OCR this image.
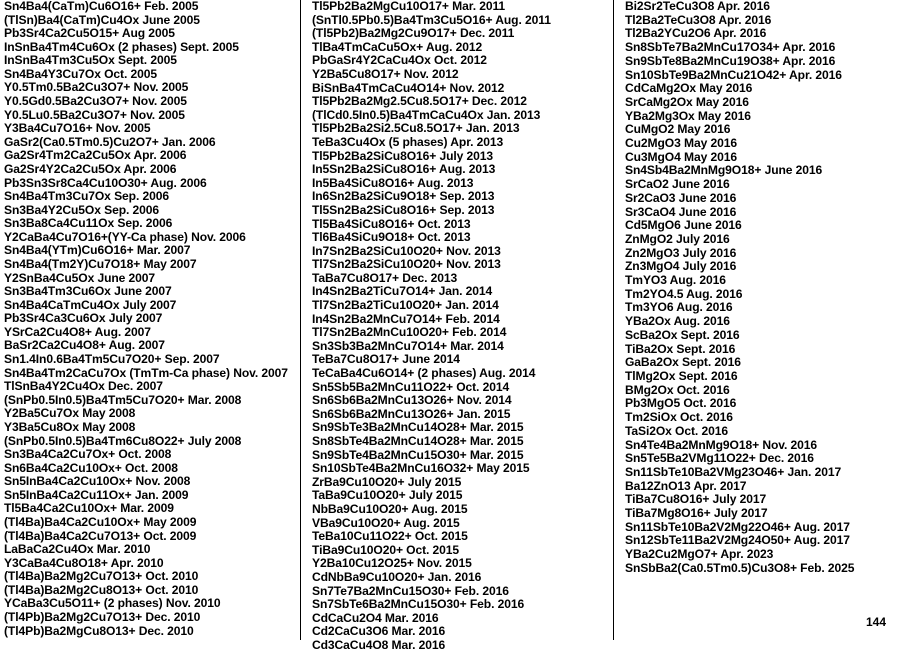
Sn4Ba4(CaTm)Cu6O16+ Feb. 2005
(TlSn)Ba4(CaTm)Cu4Ox June 2005
Pb3Sr4Ca2Cu5O15+ Aug 2005
InSnBa4Tm4Cu6Ox (2 phases) Sept. 2005
InSnBa4Tm3Cu5Ox Sept. 2005
Sn4Ba4Y3Cu7Ox Oct. 2005
Y0.5Tm0.5Ba2Cu3O7+ Nov. 2005
Y0.5Gd0.5Ba2Cu3O7+ Nov. 2005
Y0.5Lu0.5Ba2Cu3O7+ Nov. 2005
Y3Ba4Cu7O16+ Nov. 2005
GaSr2(Ca0.5Tm0.5)Cu2O7+ Jan. 2006
Ga2Sr4Tm2Ca2Cu5Ox Apr. 2006
Ga2Sr4Y2Ca2Cu5Ox Apr. 2006
Pb3Sn3Sr8Ca4Cu10O30+ Aug. 2006
Sn4Ba4Tm3Cu7Ox Sep. 2006
Sn3Ba4Y2Cu5Ox Sep. 2006
Sn3Ba8Ca4Cu11Ox Sep. 2006
Y2CaBa4Cu7O16+(YY-Ca phase) Nov. 2006
Sn4Ba4(YTm)Cu6O16+ Mar. 2007
Sn4Ba4(Tm2Y)Cu7O18+ May 2007
Y2SnBa4Cu5Ox June 2007
Sn3Ba4Tm3Cu6Ox June 2007
Sn4Ba4CaTmCu4Ox July 2007
Pb3Sr4Ca3Cu6Ox July 2007
YSrCa2Cu4O8+ Aug. 2007
BaSr2Ca2Cu4O8+ Aug. 2007
Sn1.4In0.6Ba4Tm5Cu7O20+ Sep. 2007
Sn4Ba4Tm2CaCu7Ox (TmTm-Ca phase) Nov. 2007
TlSnBa4Y2Cu4Ox Dec. 2007
(SnPb0.5In0.5)Ba4Tm5Cu7O20+ Mar. 2008
Y2Ba5Cu7Ox May 2008
Y3Ba5Cu8Ox May 2008
(SnPb0.5In0.5)Ba4Tm6Cu8O22+ July 2008
Sn3Ba4Ca2Cu7Ox+ Oct. 2008
Sn6Ba4Ca2Cu10Ox+ Oct. 2008
Sn5InBa4Ca2Cu10Ox+ Nov. 2008
Sn5InBa4Ca2Cu11Ox+ Jan. 2009
Tl5Ba4Ca2Cu10Ox+ Mar. 2009
(Tl4Ba)Ba4Ca2Cu10Ox+ May 2009
(Tl4Ba)Ba4Ca2Cu7O13+ Oct. 2009
LaBaCa2Cu4Ox Mar. 2010
Y3CaBa4Cu8O18+ Apr. 2010
(Tl4Ba)Ba2Mg2Cu7O13+ Oct. 2010
(Tl4Ba)Ba2Mg2Cu8O13+ Oct. 2010
YCaBa3Cu5O11+ (2 phases) Nov. 2010
(Tl4Pb)Ba2Mg2Cu7O13+ Dec. 2010
(Tl4Pb)Ba2MgCu8O13+ Dec. 2010
Tl5Pb2Ba2MgCu10O17+ Mar. 2011
(SnTl0.5Pb0.5)Ba4Tm3Cu5O16+ Aug. 2011
(Tl5Pb2)Ba2Mg2Cu9O17+ Dec. 2011
TlBa4TmCaCu5Ox+ Aug. 2012
PbGaSr4Y2CaCu4Ox Oct. 2012
Y2Ba5Cu8O17+ Nov. 2012
BiSnBa4TmCaCu4O14+ Nov. 2012
Tl5Pb2Ba2Mg2.5Cu8.5O17+ Dec. 2012
(TlCd0.5In0.5)Ba4TmCaCu4Ox Jan. 2013
Tl5Pb2Ba2Si2.5Cu8.5O17+ Jan. 2013
TeBa3Cu4Ox (5 phases) Apr. 2013
Tl5Pb2Ba2SiCu8O16+ July 2013
In5Sn2Ba2SiCu8O16+ Aug. 2013
In5Ba4SiCu8O16+ Aug. 2013
In6Sn2Ba2SiCu9O18+ Sep. 2013
Tl5Sn2Ba2SiCu8O16+ Sep. 2013
Tl5Ba4SiCu8O16+ Oct. 2013
Tl6Ba4SiCu9O18+ Oct. 2013
In7Sn2Ba2SiCu10O20+ Nov. 2013
Tl7Sn2Ba2SiCu10O20+ Nov. 2013
TaBa7Cu8O17+ Dec. 2013
In4Sn2Ba2TiCu7O14+ Jan. 2014
Tl7Sn2Ba2TiCu10O20+ Jan. 2014
In4Sn2Ba2MnCu7O14+ Feb. 2014
Tl7Sn2Ba2MnCu10O20+ Feb. 2014
Sn3Sb3Ba2MnCu7O14+ Mar. 2014
TeBa7Cu8O17+ June 2014
TeCaBa4Cu6O14+ (2 phases) Aug. 2014
Sn5Sb5Ba2MnCu11O22+ Oct. 2014
Sn6Sb6Ba2MnCu13O26+ Nov. 2014
Sn6Sb6Ba2MnCu13O26+ Jan. 2015
Sn9SbTe3Ba2MnCu14O28+ Mar. 2015
Sn8SbTe4Ba2MnCu14O28+ Mar. 2015
Sn9SbTe4Ba2MnCu15O30+ Mar. 2015
Sn10SbTe4Ba2MnCu16O32+ May 2015
ZrBa9Cu10O20+ July 2015
TaBa9Cu10O20+ July 2015
NbBa9Cu10O20+ Aug. 2015
VBa9Cu10O20+ Aug. 2015
TeBa10Cu11O22+ Oct. 2015
TiBa9Cu10O20+ Oct. 2015
Y2Ba10Cu12O25+ Nov. 2015
CdNbBa9Cu10O20+ Jan. 2016
Sn7Te7Ba2MnCu15O30+ Feb. 2016
Sn7SbTe6Ba2MnCu15O30+ Feb. 2016
CdCaCu2O4 Mar. 2016
Cd2CaCu3O6 Mar. 2016
Cd3CaCu4O8 Mar. 2016
Bi2Sr2TeCu3O8 Apr. 2016
Tl2Ba2TeCu3O8 Apr. 2016
Tl2Ba2YCu2O6 Apr. 2016
Sn8SbTe7Ba2MnCu17O34+ Apr. 2016
Sn9SbTe8Ba2MnCu19O38+ Apr. 2016
Sn10SbTe9Ba2MnCu21O42+ Apr. 2016
CdCaMg2Ox May 2016
SrCaMg2Ox May 2016
YBa2Mg3Ox May 2016
CuMgO2 May 2016
Cu2MgO3 May 2016
Cu3MgO4 May 2016
Sn4Sb4Ba2MnMg9O18+ June 2016
SrCaO2 June 2016
Sr2CaO3 June 2016
Sr3CaO4 June 2016
Cd5MgO6 June 2016
ZnMgO2 July 2016
Zn2MgO3 July 2016
Zn3MgO4 July 2016
TmYO3 Aug. 2016
Tm2YO4.5 Aug. 2016
Tm3YO6 Aug. 2016
YBa2Ox Aug. 2016
ScBa2Ox Sept. 2016
TiBa2Ox Sept. 2016
GaBa2Ox Sept. 2016
TlMg2Ox Sept. 2016
BMg2Ox Oct. 2016
Pb3MgO5 Oct. 2016
Tm2SiOx Oct. 2016
TaSi2Ox Oct. 2016
Sn4Te4Ba2MnMg9O18+ Nov. 2016
Sn5Te5Ba2VMg11O22+ Dec. 2016
Sn11SbTe10Ba2VMg23O46+ Jan. 2017
Ba12ZnO13 Apr. 2017
TiBa7Cu8O16+ July 2017
TiBa7Mg8O16+ July 2017
Sn11SbTe10Ba2V2Mg22O46+ Aug. 2017
Sn12SbTe11Ba2V2Mg24O50+ Aug. 2017
YBa2Cu2MgO7+ Apr. 2023
SnSbBa2(Ca0.5Tm0.5)Cu3O8+ Feb. 2025
144
